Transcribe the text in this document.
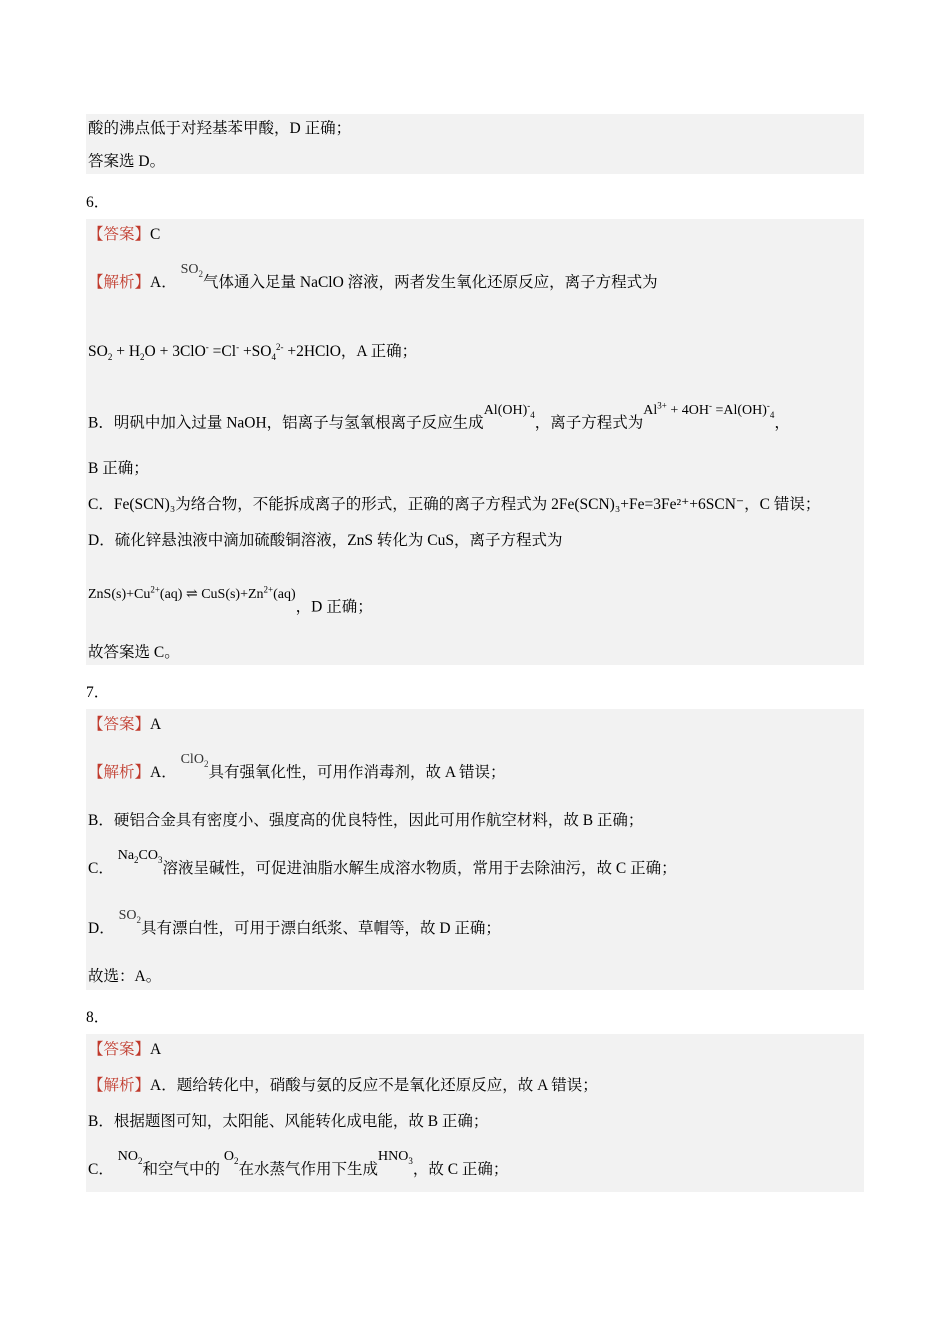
酸的沸点低于对羟基苯甲酸，D 正确；
答案选 D。
6．
【答案】C
【解析】A． $SO_2$气体通入足量 NaClO 溶液，两者发生氧化还原反应，离子方程式为
$SO_2 + H_2O + 3ClO^- =Cl^- +SO_4^{2-}$ +2HClO，A 正确；
B．明矾中加入过量 NaOH，铝离子与氢氧根离子反应生成$Al(OH)^-_4$，离子方程式为$Al^{3+} + 4OH^- =Al(OH)^-_4$，
B 正确；
C．Fe(SCN)₃为络合物，不能拆成离子的形式，正确的离子方程式为 2Fe(SCN)₃+Fe=3Fe²⁺+6SCN⁻，C 错误；
D．硫化锌悬浊液中滴加硫酸铜溶液，ZnS 转化为 CuS，离子方程式为
$ZnS(s)+Cu^{2+}(aq)$ ⇌ $CuS(s)+Zn^{2+}(aq)$，D 正确；
故答案选 C。
7．
【答案】A
【解析】A． ClO$_2$具有强氧化性，可用作消毒剂，故 A 错误；
B．硬铝合金具有密度小、强度高的优良特性，因此可用作航空材料，故 B 正确；
C． $Na_2CO_3$溶液呈碱性，可促进油脂水解生成溶水物质，常用于去除油污，故 C 正确；
D． $SO_2$具有漂白性，可用于漂白纸浆、草帽等，故 D 正确；
故选：A。
8．
【答案】A
【解析】A．题给转化中，硝酸与氨的反应不是氧化还原反应，故 A 错误；
B．根据题图可知，太阳能、风能转化成电能，故 B 正确；
C． $NO_2$和空气中的 $O_2$在水蒸气作用下生成$HNO_3$，故 C 正确；
